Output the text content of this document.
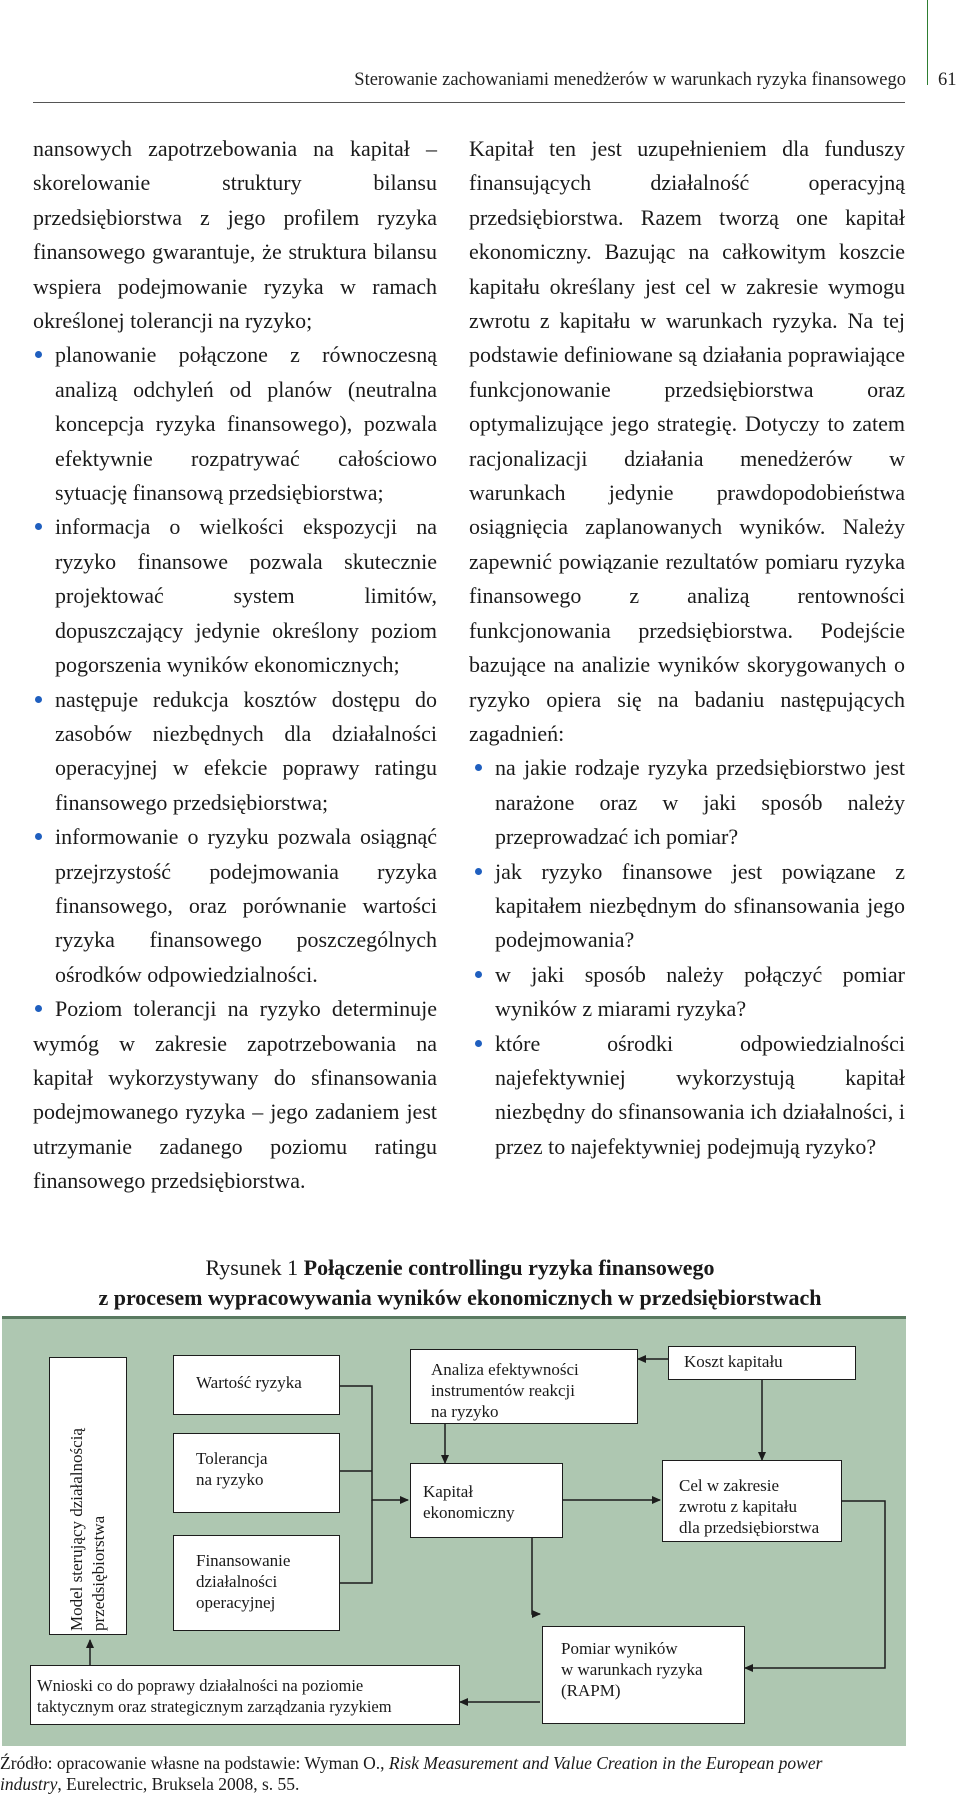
Sterowanie zachowaniami menedżerów w warunkach ryzyka finansowego 61

nansowych zapotrzebowania na kapitał – skorelowanie struktury bilansu przedsiębiorstwa z jego profilem ryzyka finansowego gwarantuje, że struktura bilansu wspiera podejmowanie ryzyka w ramach określonej tolerancji na ryzyko;

planowanie połączone z równoczesną analizą odchyleń od planów (neutralna koncepcja ryzyka finansowego), pozwala efektywnie rozpatrywać całościowo sytuację finansową przedsiębiorstwa;
informacja o wielkości ekspozycji na ryzyko finansowe pozwala skutecznie projektować system limitów, dopuszczający jedynie określony poziom pogorszenia wyników ekonomicznych;
następuje redukcja kosztów dostępu do zasobów niezbędnych dla działalności operacyjnej w efekcie poprawy ratingu finansowego przedsiębiorstwa;
informowanie o ryzyku pozwala osiągnąć przejrzystość podejmowania ryzyka finansowego, oraz porównanie wartości ryzyka finansowego poszczególnych ośrodków odpowiedzialności.

Poziom tolerancji na ryzyko determinuje wymóg w zakresie zapotrzebowania na kapitał wykorzystywany do sfinansowania podejmowanego ryzyka – jego zadaniem jest utrzymanie zadanego poziomu ratingu finansowego przedsiębiorstwa.

Kapitał ten jest uzupełnieniem dla funduszy finansujących działalność operacyjną przedsiębiorstwa. Razem tworzą one kapitał ekonomiczny. Bazując na całkowitym koszcie kapitału określany jest cel w zakresie wymogu zwrotu z kapitału w warunkach ryzyka. Na tej podstawie definiowane są działania poprawiające funkcjonowanie przedsiębiorstwa oraz optymalizujące jego strategię. Dotyczy to zatem racjonalizacji działania menedżerów w warunkach jedynie prawdopodobieństwa osiągnięcia zaplanowanych wyników. Należy zapewnić powiązanie rezultatów pomiaru ryzyka finansowego z analizą rentowności funkcjonowania przedsiębiorstwa. Podejście bazujące na analizie wyników skorygowanych o ryzyko opiera się na badaniu następujących zagadnień:

na jakie rodzaje ryzyka przedsiębiorstwo jest narażone oraz w jaki sposób należy przeprowadzać ich pomiar?
jak ryzyko finansowe jest powiązane z kapitałem niezbędnym do sfinansowania jego podejmowania?
w jaki sposób należy połączyć pomiar wyników z miarami ryzyka?
które ośrodki odpowiedzialności najefektywniej wykorzystują kapitał niezbędny do sfinansowania ich działalności, i przez to najefektywniej podejmują ryzyko?
Rysunek 1 Połączenie controllingu ryzyka finansowego
z procesem wypracowywania wyników ekonomicznych w przedsiębiorstwach
Model sterujący działalnością przedsiębiorstwa
Wartość ryzyka
Tolerancja
na ryzyko
Finansowanie
działalności
operacyjnej
Analiza efektywności
instrumentów reakcji
na ryzyko
Koszt kapitału
Kapitał
ekonomiczny
Cel w zakresie
zwrotu z kapitału
dla przedsiębiorstwa
Pomiar wyników
w warunkach ryzyka
(RAPM)
Wnioski co do poprawy działalności na poziomie
taktycznym oraz strategicznym zarządzania ryzykiem
Źródło: opracowanie własne na podstawie: Wyman O., Risk Measurement and Value Creation in the European power
industry, Eurelectric, Bruksela 2008, s. 55.
